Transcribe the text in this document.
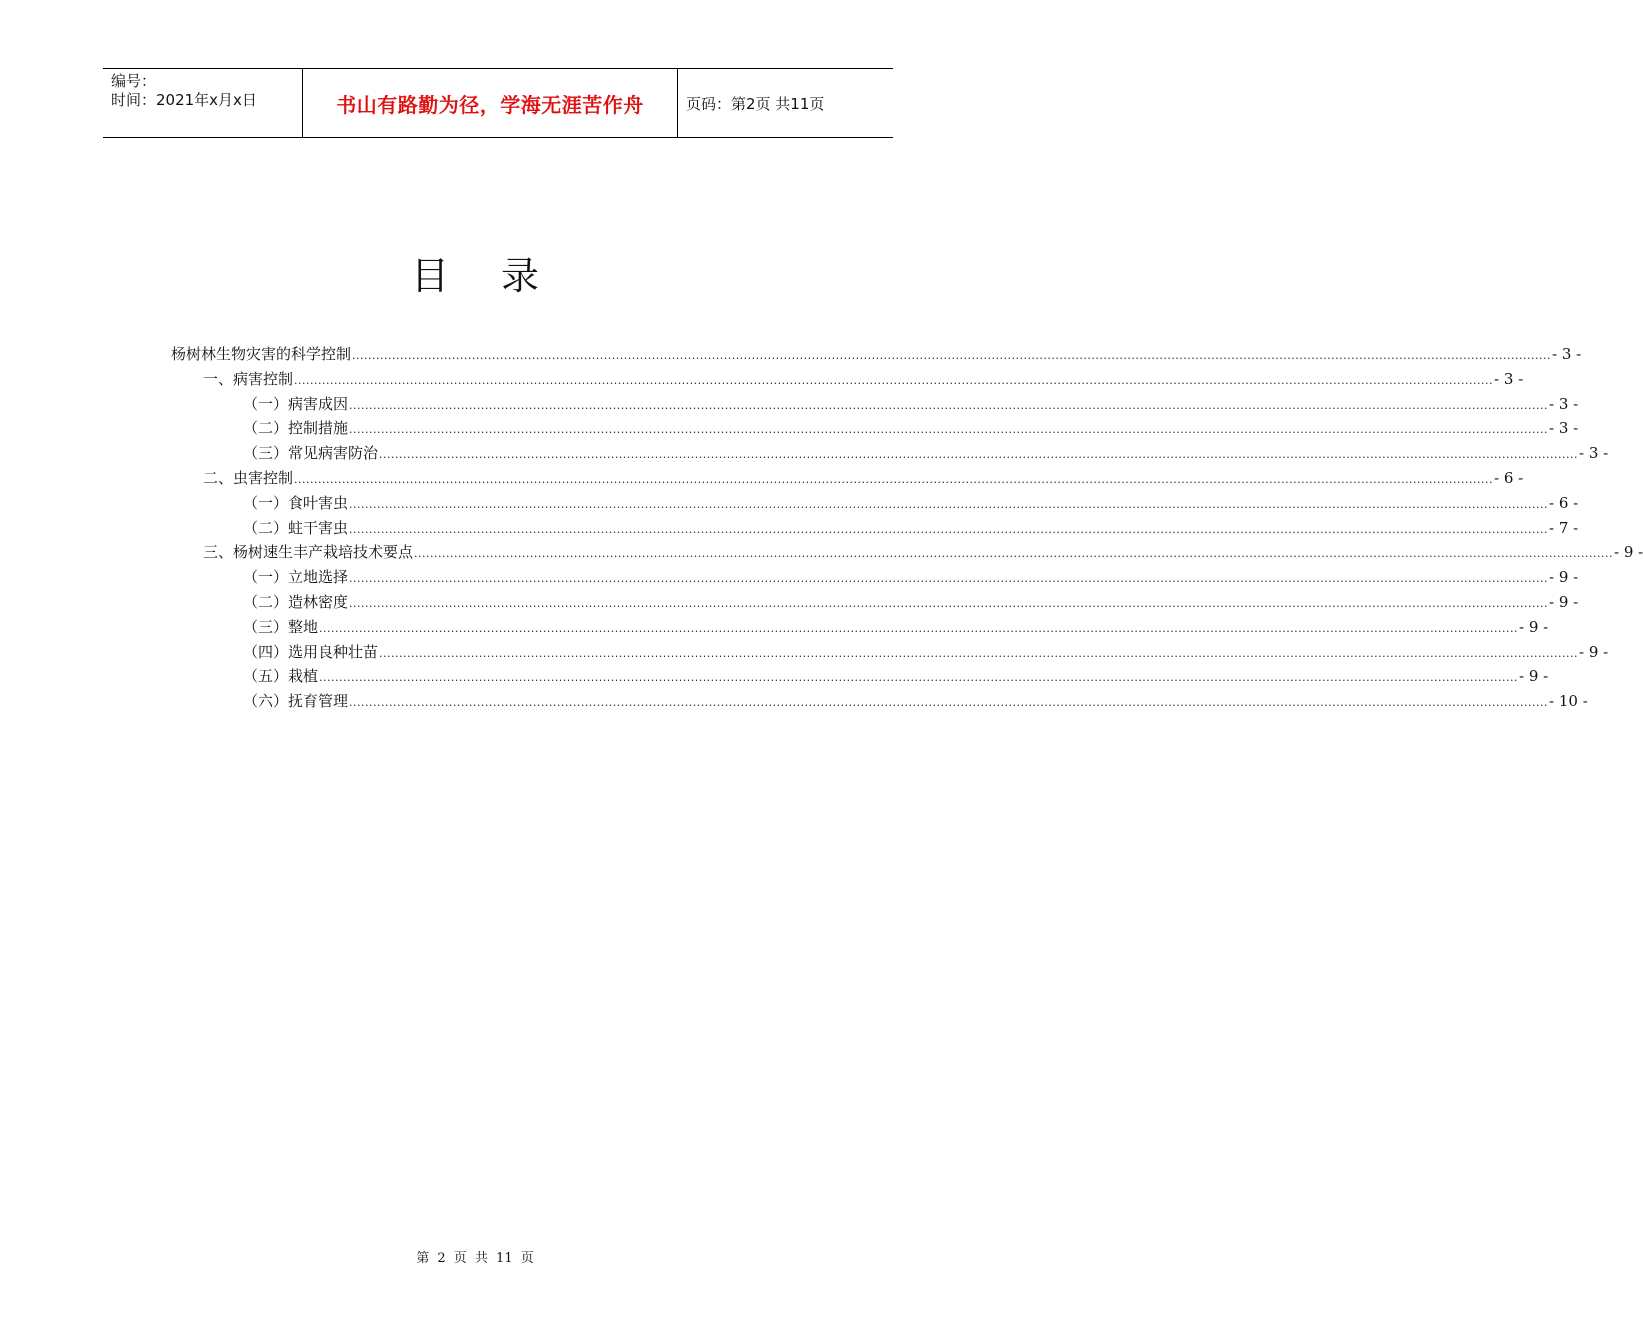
编号：
时间：2021年x月x日	书山有路勤为径，学海无涯苦作舟	页码：第2页 共11页
目录
杨树林生物灾害的科学控制 ............................................................................................................................................................................................................................................................................................................ - 3 -
一、病害控制 ............................................................................................................................................................................................................................................................................................................ - 3 -
（一）病害成因 ............................................................................................................................................................................................................................................................................................................ - 3 -
（二）控制措施 ............................................................................................................................................................................................................................................................................................................ - 3 -
（三）常见病害防治 ............................................................................................................................................................................................................................................................................................................ - 3 -
二、虫害控制 ............................................................................................................................................................................................................................................................................................................ - 6 -
（一）食叶害虫 ............................................................................................................................................................................................................................................................................................................ - 6 -
（二）蛀干害虫 ............................................................................................................................................................................................................................................................................................................ - 7 -
三、杨树速生丰产栽培技术要点 ............................................................................................................................................................................................................................................................................................................ - 9 -
（一）立地选择 ............................................................................................................................................................................................................................................................................................................ - 9 -
（二）造林密度 ............................................................................................................................................................................................................................................................................................................ - 9 -
（三）整地 ............................................................................................................................................................................................................................................................................................................ - 9 -
（四）选用良种壮苗 ............................................................................................................................................................................................................................................................................................................ - 9 -
（五）栽植 ............................................................................................................................................................................................................................................................................................................ - 9 -
（六）抚育管理 ............................................................................................................................................................................................................................................................................................................ - 10 -
第 2 页 共 11 页
